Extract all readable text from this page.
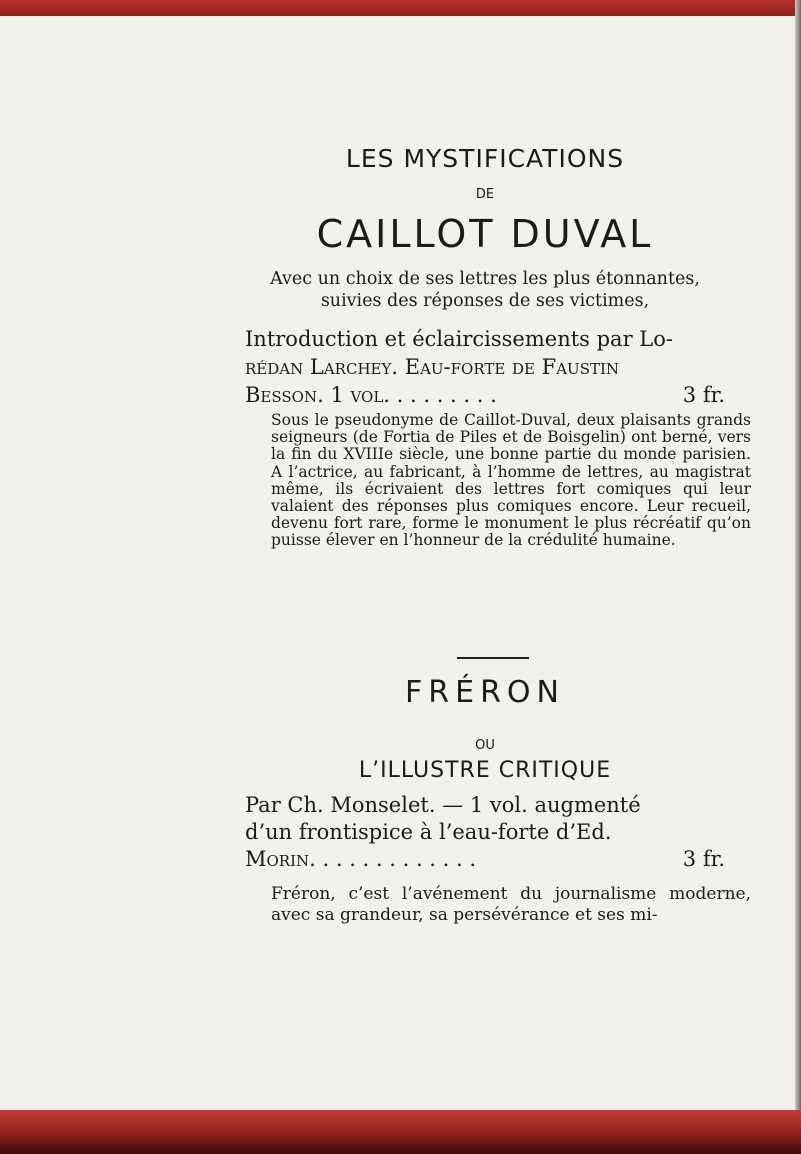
LES MYSTIFICATIONS
DE
CAILLOT DUVAL
Avec un choix de ses lettres les plus étonnantes, suivies des réponses de ses victimes,
Introduction et éclaircissements par Lo-
rédan Larchey. Eau-forte de Faustin
Besson. 1 vol. . . . . . . . .	3 fr.
Sous le pseudonyme de Caillot-Duval, deux plaisants grands seigneurs (de Fortia de Piles et de Boisgelin) ont berné, vers la fin du XVIIIe siècle, une bonne partie du monde parisien. A l’actrice, au fabricant, à l’homme de lettres, au magistrat même, ils écrivaient des lettres fort comiques qui leur valaient des réponses plus comiques encore. Leur recueil, devenu fort rare, forme le monument le plus récréatif qu’on puisse élever en l’honneur de la crédulité humaine.
FRÉRON
OU
L’ILLUSTRE CRITIQUE
Par Ch. Monselet. — 1 vol. augmenté
d’un frontispice à l’eau-forte d’Ed.
Morin. . . . . . . . . . . . .	3 fr.
Fréron, c’est l’avénement du journalisme moderne, avec sa grandeur, sa persévérance et ses mi-
